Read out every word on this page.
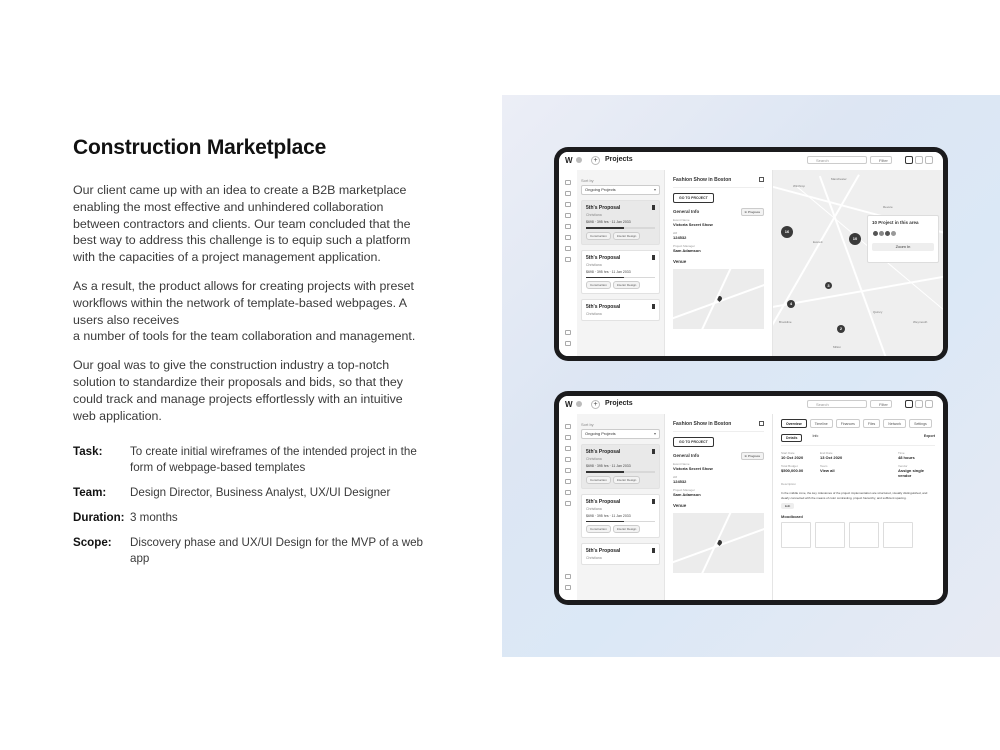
Construction Marketplace

Our client came up with an idea to create a B2B marketplace
enabling the most effective and unhindered collaboration
between contractors and clients. Our team concluded that the
best way to address this challenge is to equip such a platform
with the capacities of a project management application.

As a result, the product allows for creating projects with preset
workflows within the network of template-based webpages. A
users also receives
a number of tools for the team collaboration and management.

Our goal was to give the construction industry a top-notch
solution to standardize their proposals and bids, so that they
could track and manage projects effortlessly with an intuitive
web application.

Task:	To create initial wireframes of the intended project in the form of webpage-based templates
Team:	Design Director, Business Analyst, UX/UI Designer
Duration: 3 months
Scope:	Discovery phase and UX/UI Design for the MVP of a web app
W	+	Projects	Search	Filter
Sort by
Ongoing Projects
5th's Proposal
Christiana
$698 · 395 hrs · 11 Jan 2033
Construction	Interior Design
5th's Proposal
Christiana
$698 · 395 hrs · 11 Jan 2033
Construction	Interior Design
5th's Proposal
Christiana
Fashion Show in Boston
GO TO PROJECT
General Info	In Progress
Event Name
Victoria Secret Show
id#
124532
Project Manager
Sam Adamson
Venue
Manchester
Winthrop
Weymouth
Quincy
Revere
Everett
Brookline
Milton
16
10
4
2
3
10 Project in this area
Zoom In
W	+	Projects	Search	Filter
Sort by
Ongoing Projects
5th's Proposal
Christiana
$698 · 395 hrs · 11 Jan 2033
Construction	Interior Design
5th's Proposal
Christiana
$698 · 395 hrs · 11 Jan 2033
Construction	Interior Design
5th's Proposal
Christiana
Fashion Show in Boston
GO TO PROJECT
General Info	In Progress
Event Name
Victoria Secret Show
id#
124532
Project Manager
Sam Adamson
Venue
Overview	Timeline	Finances	Files	Network	Settings
Details	Info	Export
Start Date
10 Oct 2020
End Date
13 Oct 2020
Time
48 hours
Total Budget
$500,000.00
Team
View all
Vendor
Assign single vendor
Description
In the middle zone, the key milestones of the project implementation are structured, visually distinguished, and clearly connected with the means of color contrasting, project hierarchy, and sufficient spacing.
Edit
Moodboard
